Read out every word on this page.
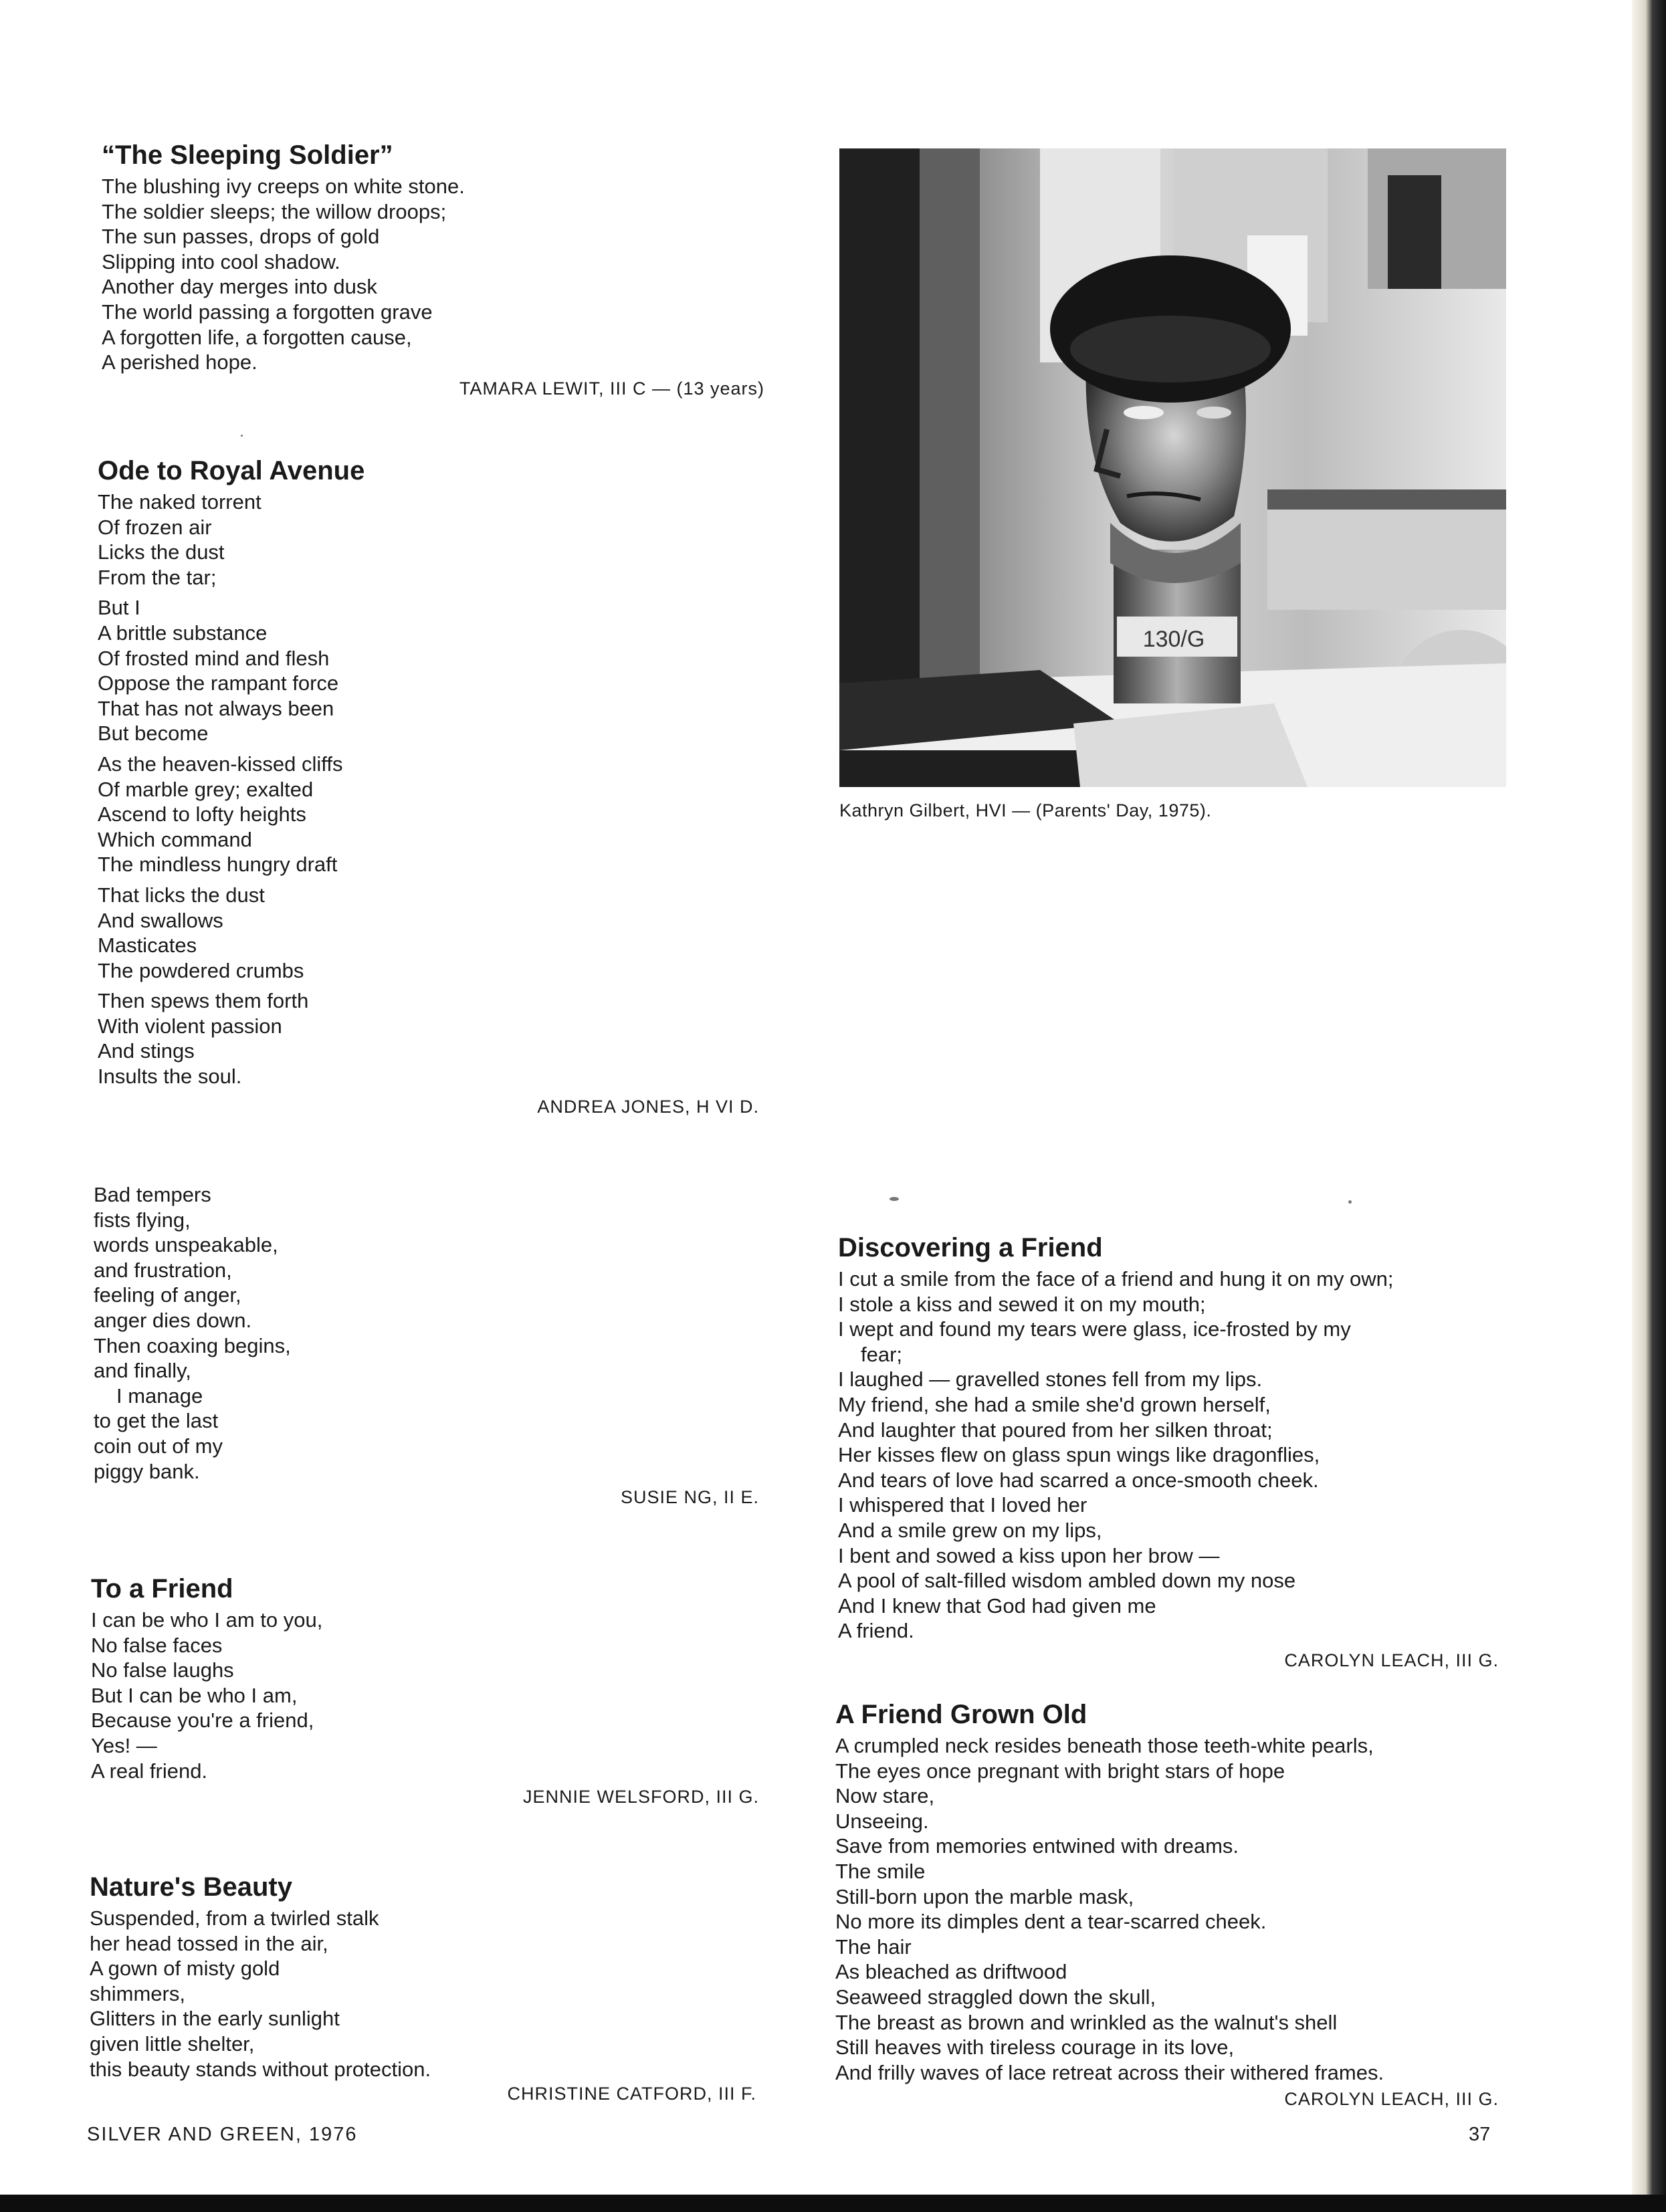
“The Sleeping Soldier”
The blushing ivy creeps on white stone.
The soldier sleeps; the willow droops;
The sun passes, drops of gold
Slipping into cool shadow.
Another day merges into dusk
The world passing a forgotten grave
A forgotten life, a forgotten cause,
A perished hope.
TAMARA LEWIT, III C — (13 years)
Ode to Royal Avenue
The naked torrent
Of frozen air
Licks the dust
From the tar;
But I
A brittle substance
Of frosted mind and flesh
Oppose the rampant force
That has not always been
But become
As the heaven-kissed cliffs
Of marble grey; exalted
Ascend to lofty heights
Which command
The mindless hungry draft
That licks the dust
And swallows
Masticates
The powdered crumbs
Then spews them forth
With violent passion
And stings
Insults the soul.
ANDREA JONES, H VI D.
Bad tempers
fists flying,
words unspeakable,
and frustration,
feeling of anger,
anger dies down.
Then coaxing begins,
and finally,
I manage
to get the last
coin out of my
piggy bank.
SUSIE NG, II E.
To a Friend
I can be who I am to you,
No false faces
No false laughs
But I can be who I am,
Because you're a friend,
Yes! —
A real friend.
JENNIE WELSFORD, III G.
Nature's Beauty
Suspended, from a twirled stalk
her head tossed in the air,
A gown of misty gold
shimmers,
Glitters in the early sunlight
given little shelter,
this beauty stands without protection.
CHRISTINE CATFORD, III F.
130/G
Kathryn Gilbert, HVI — (Parents' Day, 1975).
Discovering a Friend
I cut a smile from the face of a friend and hung it on my own;
I stole a kiss and sewed it on my mouth;
I wept and found my tears were glass, ice-frosted by my
fear;
I laughed — gravelled stones fell from my lips.
My friend, she had a smile she'd grown herself,
And laughter that poured from her silken throat;
Her kisses flew on glass spun wings like dragonflies,
And tears of love had scarred a once-smooth cheek.
I whispered that I loved her
And a smile grew on my lips,
I bent and sowed a kiss upon her brow —
A pool of salt-filled wisdom ambled down my nose
And I knew that God had given me
A friend.
CAROLYN LEACH, III G.
A Friend Grown Old
A crumpled neck resides beneath those teeth-white pearls,
The eyes once pregnant with bright stars of hope
Now stare,
Unseeing.
Save from memories entwined with dreams.
The smile
Still-born upon the marble mask,
No more its dimples dent a tear-scarred cheek.
The hair
As bleached as driftwood
Seaweed straggled down the skull,
The breast as brown and wrinkled as the walnut's shell
Still heaves with tireless courage in its love,
And frilly waves of lace retreat across their withered frames.
CAROLYN LEACH, III G.
SILVER AND GREEN, 1976	37
